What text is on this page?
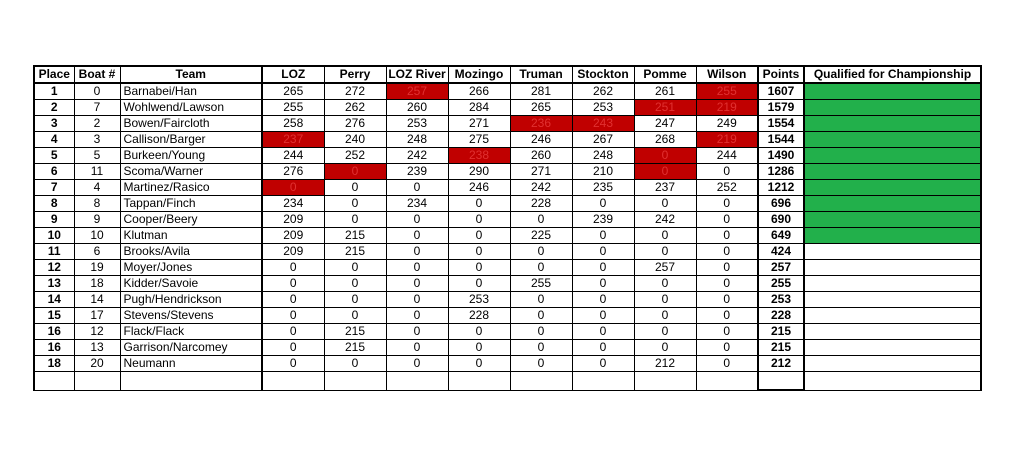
Place	Boat #	Team	LOZ	Perry	LOZ River	Mozingo	Truman	Stockton	Pomme	Wilson	Points	Qualified for Championship
1	0	Barnabei/Han	265	272	257	266	281	262	261	255	1607	
2	7	Wohlwend/Lawson	255	262	260	284	265	253	251	219	1579	
3	2	Bowen/Faircloth	258	276	253	271	236	243	247	249	1554	
4	3	Callison/Barger	237	240	248	275	246	267	268	219	1544	
5	5	Burkeen/Young	244	252	242	238	260	248	0	244	1490	
6	11	Scoma/Warner	276	0	239	290	271	210	0	0	1286	
7	4	Martinez/Rasico	0	0	0	246	242	235	237	252	1212	
8	8	Tappan/Finch	234	0	234	0	228	0	0	0	696	
9	9	Cooper/Beery	209	0	0	0	0	239	242	0	690	
10	10	Klutman	209	215	0	0	225	0	0	0	649	
11	6	Brooks/Avila	209	215	0	0	0	0	0	0	424	
12	19	Moyer/Jones	0	0	0	0	0	0	257	0	257	
13	18	Kidder/Savoie	0	0	0	0	255	0	0	0	255	
14	14	Pugh/Hendrickson	0	0	0	253	0	0	0	0	253	
15	17	Stevens/Stevens	0	0	0	228	0	0	0	0	228	
16	12	Flack/Flack	0	215	0	0	0	0	0	0	215	
16	13	Garrison/Narcomey	0	215	0	0	0	0	0	0	215	
18	20	Neumann	0	0	0	0	0	0	212	0	212	
